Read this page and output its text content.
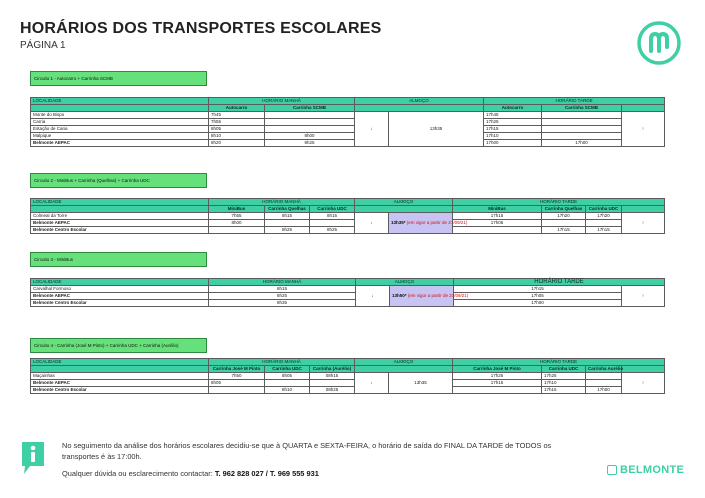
HORÁRIOS DOS TRANSPORTES ESCOLARES
PÁGINA 1
Circuito 1 - Autocarro + Carrinha SCMB
LOCALIDADE	HORÁRIO MANHÃ		ALMOÇO		HORÁRIO TARDE		
	Autocarro	Carrinha SCMB			Autocarro	Carrinha SCMB	
Monte do Bispo	7h45		↓	13h35	17h45		↑
Carria	7h55				17h25		
Estação de Caria	8h05				17h15		
Malpique	8h10	8h00			17h10		
Belmonte AEPAC	8h20	8h25			17h00	17h00	
Circuito 2 - MiniBus + Carrinha (Quelhas) + Carrinha UDC
LOCALIDADE	HORÁRIO MANHÃ			ALMOÇO		HORÁRIO TARDE			
	MiniBus	Carrinha Quelhas	Carrinha UDC			MiniBus	Carrinha Quelhas	Carrinha UDC	
Colmeal da Torre	7h55	8h15	8h15	↓	13h35* (em vigor a partir de 27/09/21)	17h15	17h20	17h20	↑
Belmonte AEPAC	8h00					17h05			
Belmonte Centro Escolar		8h25	8h25				17h15	17h15	
Circuito 3 - MiniBus
LOCALIDADE	HORÁRIO MANHÃ	ALMOÇO		HORÁRIO TARDE	
Carvalhal Formoso	8h15	↓	13h50* (em vigor a partir de 27/09/21)	17h15	↑
Belmonte AEPAC	8h25			17h05	
Belmonte Centro Escolar	8h35			17h00	
Circuito 4 - Carrinha (José M Pinto) + Carrinha UDC + Carrinha (Aurélio)
LOCALIDADE	HORÁRIO MANHÃ			ALMOÇO		HORÁRIO TARDE			
	Carrinha José M Pinto	Carrinha UDC	Carrinha (Aurélio)			Carrinha José M Pinto	Carrinha UDC	Carrinha Aurélio	
Maçainhas	7h50	8h05	08h15	↓	13h35	17h25	17h25		↑
Belmonte AEPAC	8h05					17h15	17h10		
Belmonte Centro Escolar		8h10	08h25				17h15	17h00	
No seguimento da análise dos horários escolares decidiu-se que à QUARTA e SEXTA-FEIRA, o horário de saída do FINAL DA TARDE de TODOS os transportes é às 17:00h.
Qualquer dúvida ou esclarecimento contactar: T. 962 828 027 / T. 969 555 931	BELMONTE
